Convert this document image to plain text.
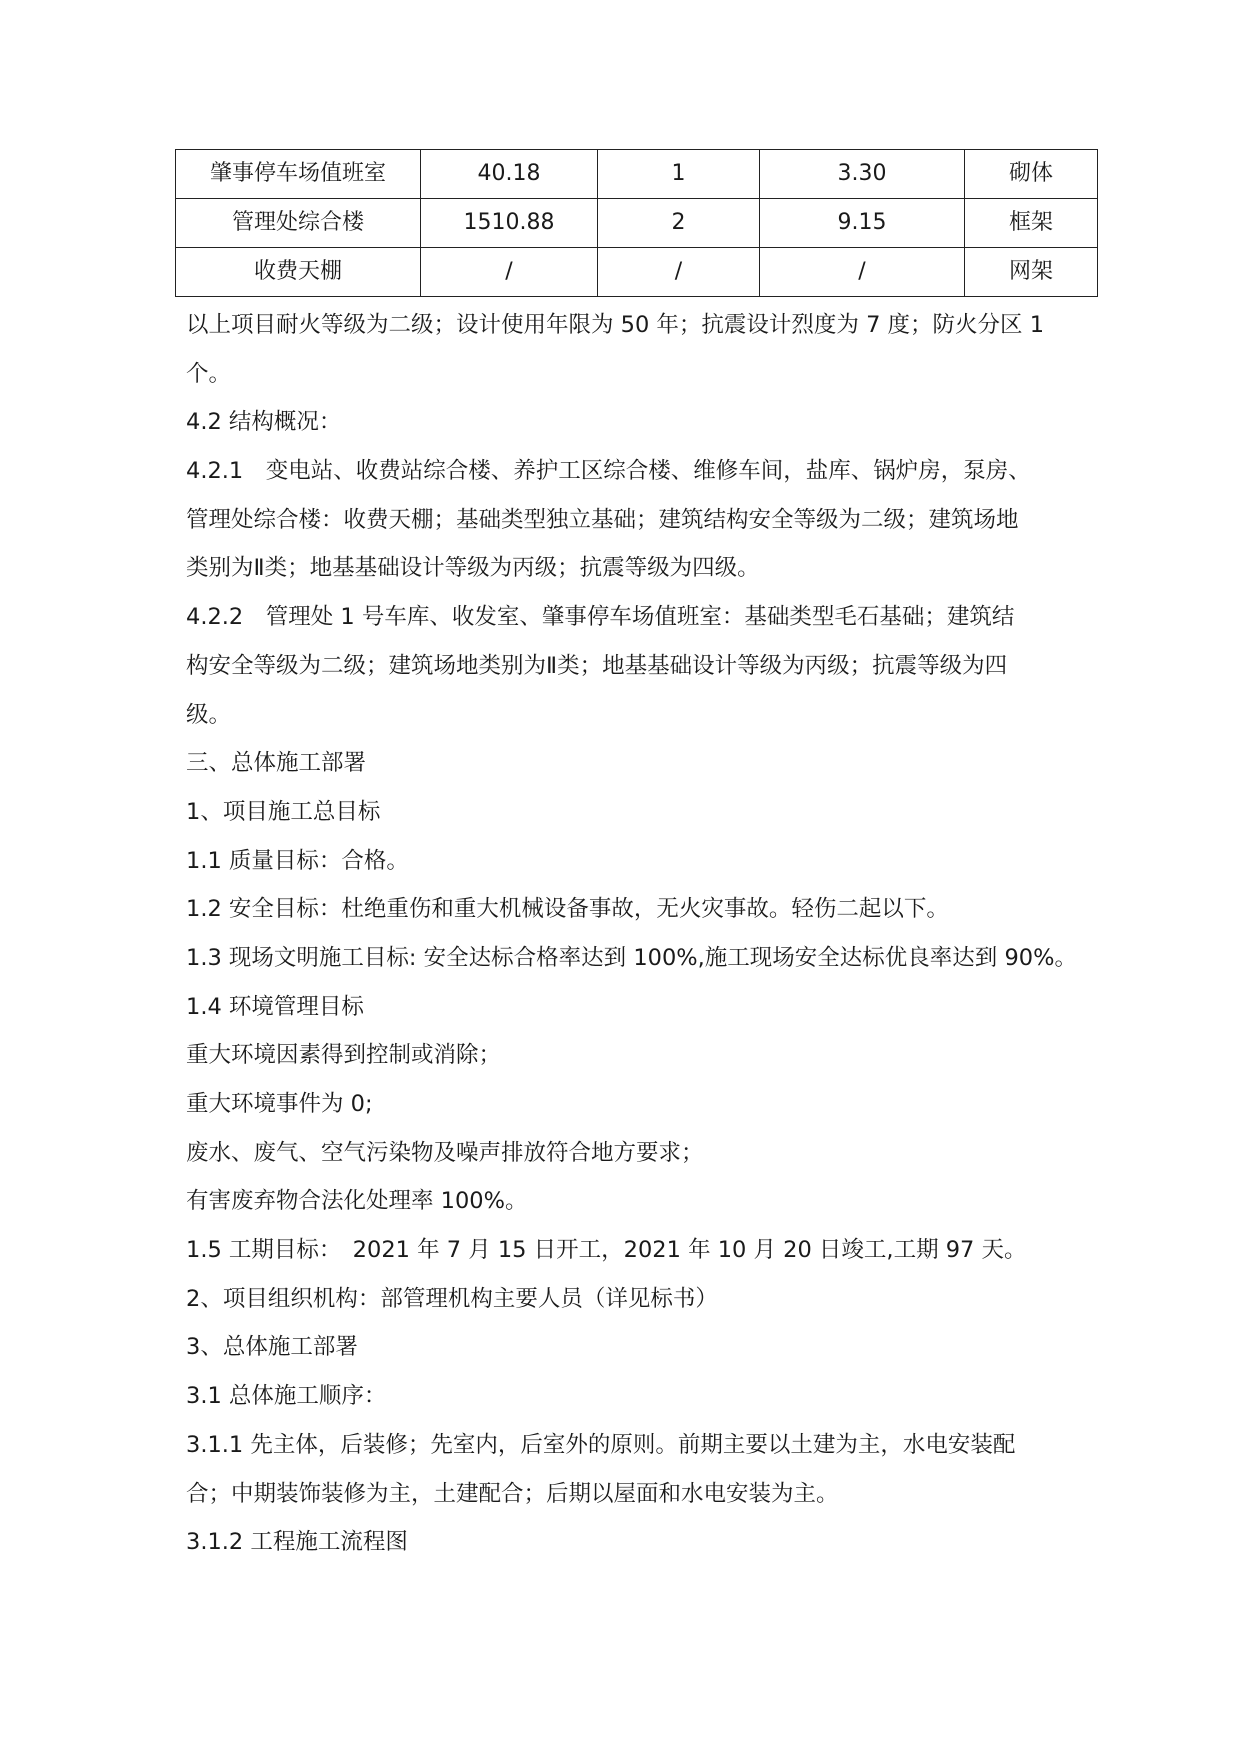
肇事停车场值班室	40.18	1	3.30	砌体
管理处综合楼	1510.88	2	9.15	框架
收费天棚	/	/	/	网架

以上项目耐火等级为二级；设计使用年限为 50 年；抗震设计烈度为 7 度；防火分区 1

个。

4.2 结构概况：

4.2.1　变电站、收费站综合楼、养护工区综合楼、维修车间，盐库、锅炉房，泵房、

管理处综合楼：收费天棚；基础类型独立基础；建筑结构安全等级为二级；建筑场地

类别为Ⅱ类；地基基础设计等级为丙级；抗震等级为四级。

4.2.2　管理处 1 号车库、收发室、肇事停车场值班室：基础类型毛石基础；建筑结

构安全等级为二级；建筑场地类别为Ⅱ类；地基基础设计等级为丙级；抗震等级为四

级。

三、总体施工部署

1、项目施工总目标

1.1 质量目标：合格。

1.2 安全目标：杜绝重伤和重大机械设备事故，无火灾事故。轻伤二起以下。

1.3 现场文明施工目标: 安全达标合格率达到 100%,施工现场安全达标优良率达到 90%。

1.4 环境管理目标

重大环境因素得到控制或消除；

重大环境事件为 0;

废水、废气、空气污染物及噪声排放符合地方要求；

有害废弃物合法化处理率 100%。

1.5 工期目标：　2021 年 7 月 15 日开工，2021 年 10 月 20 日竣工,工期 97 天。

2、项目组织机构：部管理机构主要人员（详见标书）

3、总体施工部署

3.1 总体施工顺序：

3.1.1 先主体，后装修；先室内，后室外的原则。前期主要以土建为主，水电安装配

合；中期装饰装修为主，土建配合；后期以屋面和水电安装为主。

3.1.2 工程施工流程图
